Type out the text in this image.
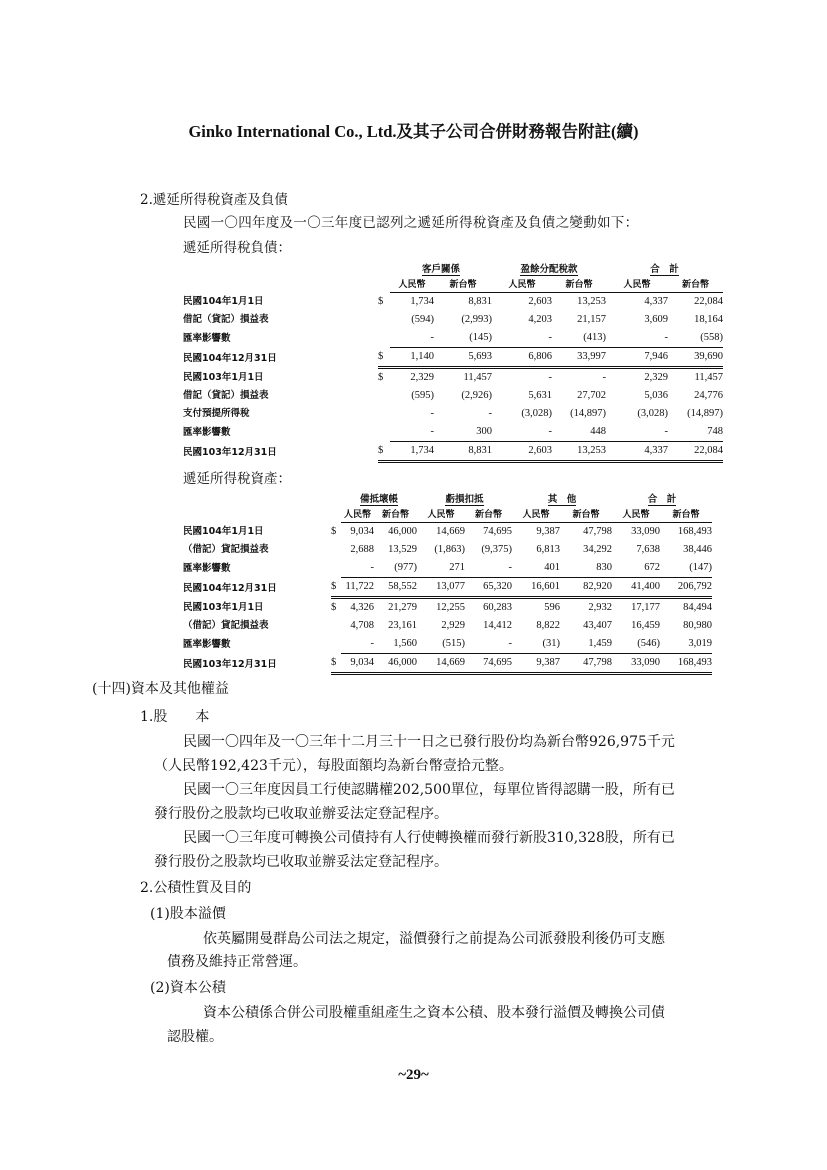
Ginko International Co., Ltd.及其子公司合併財務報告附註(續)
2.遞延所得稅資產及負債
民國一〇四年度及一〇三年度已認列之遞延所得稅資產及負債之變動如下：
遞延所得稅負債：
		客戶關係		盈餘分配稅款		合　計	
		人民幣	新台幣	人民幣	新台幣	人民幣	新台幣
民國104年1月1日	$	1,734	8,831	2,603	13,253	4,337	22,084
借記（貸記）損益表		(594)	(2,993)	4,203	21,157	3,609	18,164
匯率影響數		-	(145)	-	(413)	-	(558)
民國104年12月31日	$	1,140	5,693	6,806	33,997	7,946	39,690
民國103年1月1日	$	2,329	11,457	-	-	2,329	11,457
借記（貸記）損益表		(595)	(2,926)	5,631	27,702	5,036	24,776
支付預提所得稅		-	-	(3,028)	(14,897)	(3,028)	(14,897)
匯率影響數		-	300	-	448	-	748
民國103年12月31日	$	1,734	8,831	2,603	13,253	4,337	22,084
遞延所得稅資產：
		備抵壞帳		虧損扣抵		其　他		合　計	
		人民幣	新台幣	人民幣	新台幣	人民幣	新台幣	人民幣	新台幣
民國104年1月1日	$	9,034	46,000	14,669	74,695	9,387	47,798	33,090	168,493
（借記）貸記損益表		2,688	13,529	(1,863)	(9,375)	6,813	34,292	7,638	38,446
匯率影響數		-	(977)	271	-	401	830	672	(147)
民國104年12月31日	$	11,722	58,552	13,077	65,320	16,601	82,920	41,400	206,792
民國103年1月1日	$	4,326	21,279	12,255	60,283	596	2,932	17,177	84,494
（借記）貸記損益表		4,708	23,161	2,929	14,412	8,822	43,407	16,459	80,980
匯率影響數		-	1,560	(515)	-	(31)	1,459	(546)	3,019
民國103年12月31日	$	9,034	46,000	14,669	74,695	9,387	47,798	33,090	168,493
(十四)資本及其他權益
1.股　　本
民國一〇四年及一〇三年十二月三十一日之已發行股份均為新台幣926,975千元
（人民幣192,423千元），每股面額均為新台幣壹拾元整。
民國一〇三年度因員工行使認購權202,500單位，每單位皆得認購一股，所有已
發行股份之股款均已收取並辦妥法定登記程序。
民國一〇三年度可轉換公司債持有人行使轉換權而發行新股310,328股，所有已
發行股份之股款均已收取並辦妥法定登記程序。
2.公積性質及目的
(1)股本溢價
依英屬開曼群島公司法之規定，溢價發行之前提為公司派發股利後仍可支應
債務及維持正常營運。
(2)資本公積
資本公積係合併公司股權重組產生之資本公積、股本發行溢價及轉換公司債
認股權。
~29~
